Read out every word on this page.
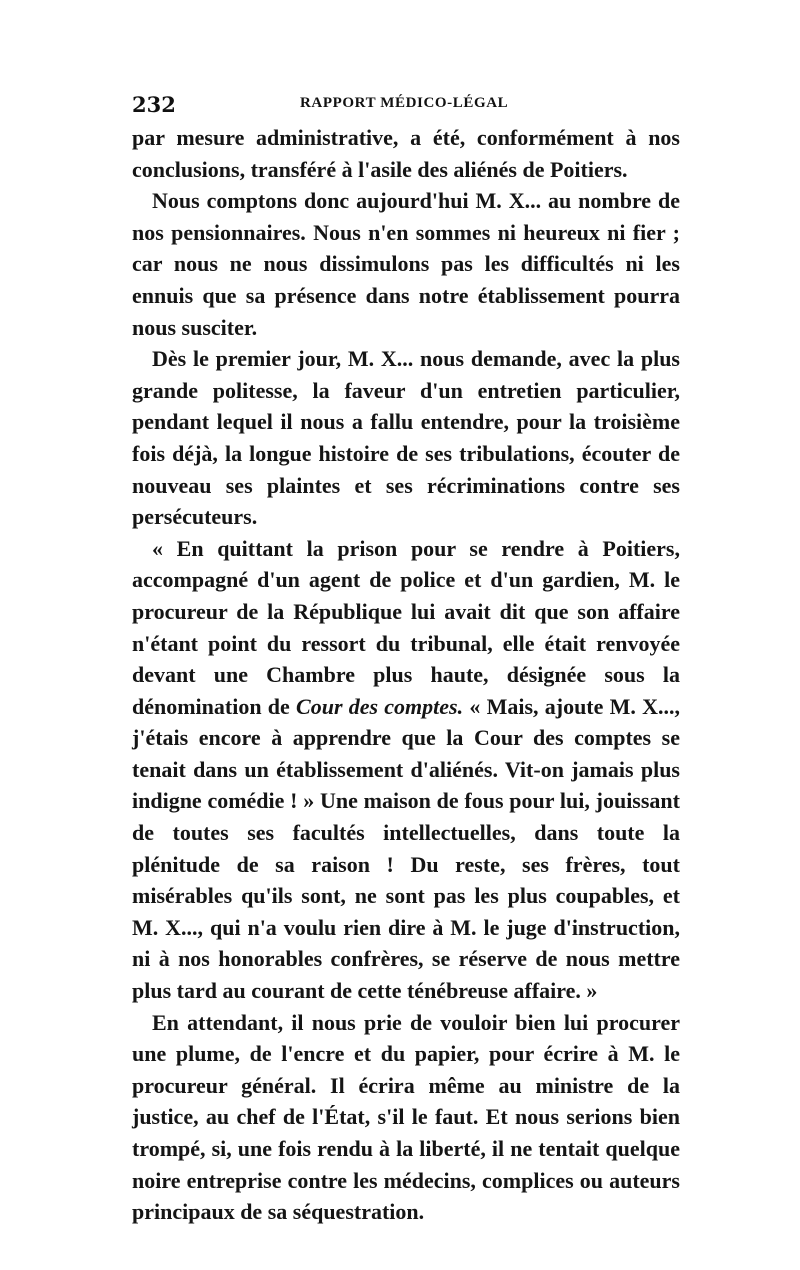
232	RAPPORT MÉDICO-LÉGAL

par mesure administrative, a été, conformément à nos conclusions, transféré à l'asile des aliénés de Poitiers.

Nous comptons donc aujourd'hui M. X... au nombre de nos pensionnaires. Nous n'en sommes ni heureux ni fier ; car nous ne nous dissimulons pas les difficultés ni les ennuis que sa présence dans notre établissement pourra nous susciter.

Dès le premier jour, M. X... nous demande, avec la plus grande politesse, la faveur d'un entretien particulier, pendant lequel il nous a fallu entendre, pour la troisième fois déjà, la longue histoire de ses tribulations, écouter de nouveau ses plaintes et ses récriminations contre ses persécuteurs.

« En quittant la prison pour se rendre à Poitiers, accompagné d'un agent de police et d'un gardien, M. le procureur de la République lui avait dit que son affaire n'étant point du ressort du tribunal, elle était renvoyée devant une Chambre plus haute, désignée sous la dénomination de Cour des comptes. « Mais, ajoute M. X..., j'étais encore à apprendre que la Cour des comptes se tenait dans un établissement d'aliénés. Vit-on jamais plus indigne comédie ! » Une maison de fous pour lui, jouissant de toutes ses facultés intellectuelles, dans toute la plénitude de sa raison ! Du reste, ses frères, tout misérables qu'ils sont, ne sont pas les plus coupables, et M. X..., qui n'a voulu rien dire à M. le juge d'instruction, ni à nos honorables confrères, se réserve de nous mettre plus tard au courant de cette ténébreuse affaire. »

En attendant, il nous prie de vouloir bien lui procurer une plume, de l'encre et du papier, pour écrire à M. le procureur général. Il écrira même au ministre de la justice, au chef de l'État, s'il le faut. Et nous serions bien trompé, si, une fois rendu à la liberté, il ne tentait quelque noire entreprise contre les médecins, complices ou auteurs principaux de sa séquestration.
